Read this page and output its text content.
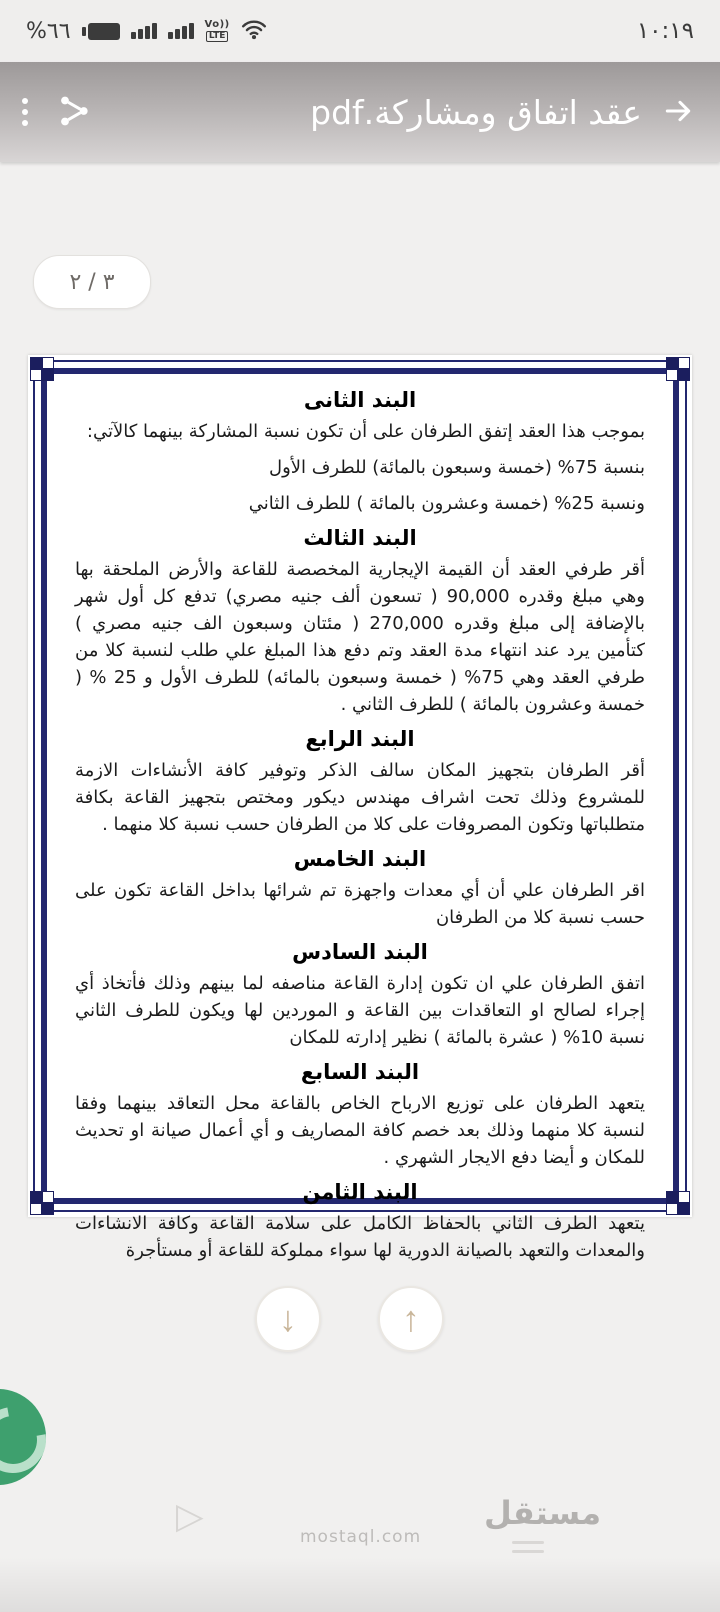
٦٦%	Vo))
LTE	١٠:١٩
عقد اتفاق ومشاركة.pdf
٣ / ٢
البند الثانى

بموجب هذا العقد إتفق الطرفان على أن تكون نسبة المشاركة بينهما كالآتي:

بنسبة 75% (خمسة وسبعون بالمائة) للطرف الأول

ونسبة 25% (خمسة وعشرون بالمائة ) للطرف الثاني

البند الثالث

أقر طرفي العقد أن القيمة الإيجارية المخصصة للقاعة والأرض الملحقة بها وهي مبلغ وقدره 90,000 ( تسعون ألف جنيه مصري) تدفع كل أول شهر بالإضافة إلى مبلغ وقدره 270,000 ( مئتان وسبعون الف جنيه مصري ) كتأمين يرد عند انتهاء مدة العقد وتم دفع هذا المبلغ علي طلب لنسبة كلا من طرفي العقد وهي 75% ( خمسة وسبعون بالمائه) للطرف الأول و 25 % ( خمسة وعشرون بالمائة ) للطرف الثاني .

البند الرابع

أقر الطرفان بتجهيز المكان سالف الذكر وتوفير كافة الأنشاءات الازمة للمشروع وذلك تحت اشراف مهندس ديكور ومختص بتجهيز القاعة بكافة متطلباتها وتكون المصروفات على كلا من الطرفان حسب نسبة كلا منهما .

البند الخامس

اقر الطرفان علي أن أي معدات واجهزة تم شرائها بداخل القاعة تكون على حسب نسبة كلا من الطرفان

البند السادس

اتفق الطرفان علي ان تكون إدارة القاعة مناصفه لما بينهم وذلك فأتخاذ أي إجراء لصالح او التعاقدات بين القاعة و الموردين لها ويكون للطرف الثاني نسبة 10% ( عشرة بالمائة ) نظير إدارته للمكان

البند السابع

يتعهد الطرفان على توزيع الارباح الخاص بالقاعة محل التعاقد بينهما وفقا لنسبة كلا منهما وذلك بعد خصم كافة المصاريف و أي أعمال صيانة او تحديث للمكان و أيضا دفع الايجار الشهري .

البند الثامن

يتعهد الطرف الثاني بالحفاظ الكامل على سلامة القاعة وكافة الانشاءات والمعدات والتعهد بالصيانة الدورية لها سواء مملوكة للقاعة أو مستأجرة

↓	↑
▷	مستقل
mostaql.com
